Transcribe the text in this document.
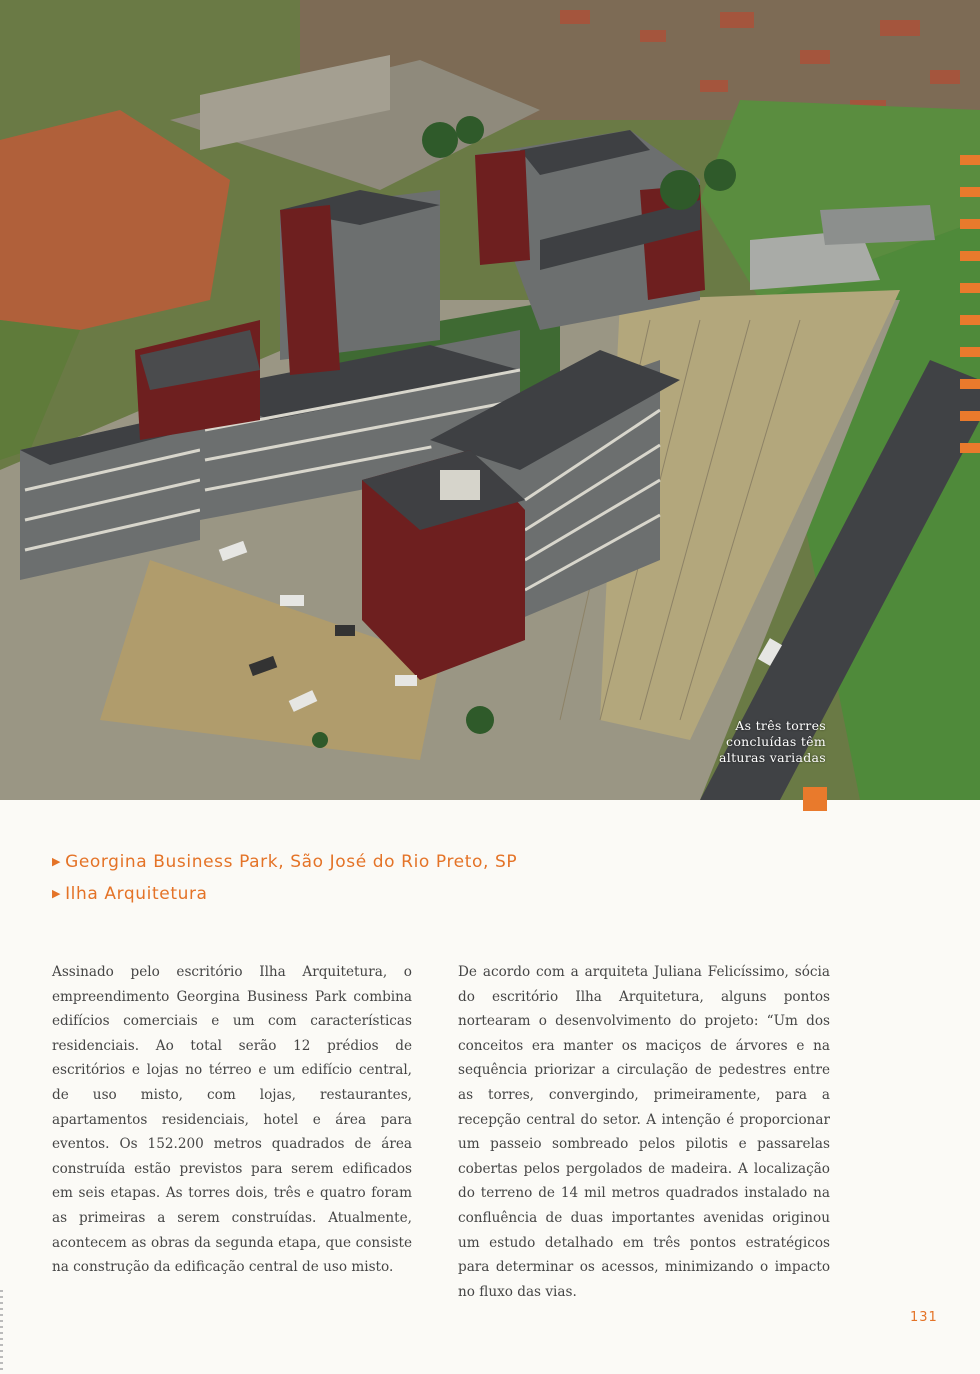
As três torres
concluídas têm
alturas variadas
▶ Georgina Business Park, São José do Rio Preto, SP
▶ Ilha Arquitetura

Assinado pelo escritório Ilha Arquitetura, o empreendimento Georgina Business Park combina edifícios comerciais e um com características residenciais. Ao total serão 12 prédios de escritórios e lojas no térreo e um edifício central, de uso misto, com lojas, restaurantes, apartamentos residenciais, hotel e área para eventos. Os 152.200 metros quadrados de área construída estão previstos para serem edificados em seis etapas. As torres dois, três e quatro foram as primeiras a serem construídas. Atualmente, acontecem as obras da segunda etapa, que consiste na construção da edificação central de uso misto.

De acordo com a arquiteta Juliana Felicíssimo, sócia do escritório Ilha Arquitetura, alguns pontos nortearam o desenvolvimento do projeto: “Um dos conceitos era manter os maciços de árvores e na sequência priorizar a circulação de pedestres entre as torres, convergindo, primeiramente, para a recepção central do setor. A intenção é proporcionar um passeio sombreado pelos pilotis e passarelas cobertas pelos pergolados de madeira. A localização do terreno de 14 mil metros quadrados instalado na confluência de duas importantes avenidas originou um estudo detalhado em três pontos estratégicos para determinar os acessos, minimizando o impacto no fluxo das vias.

131
